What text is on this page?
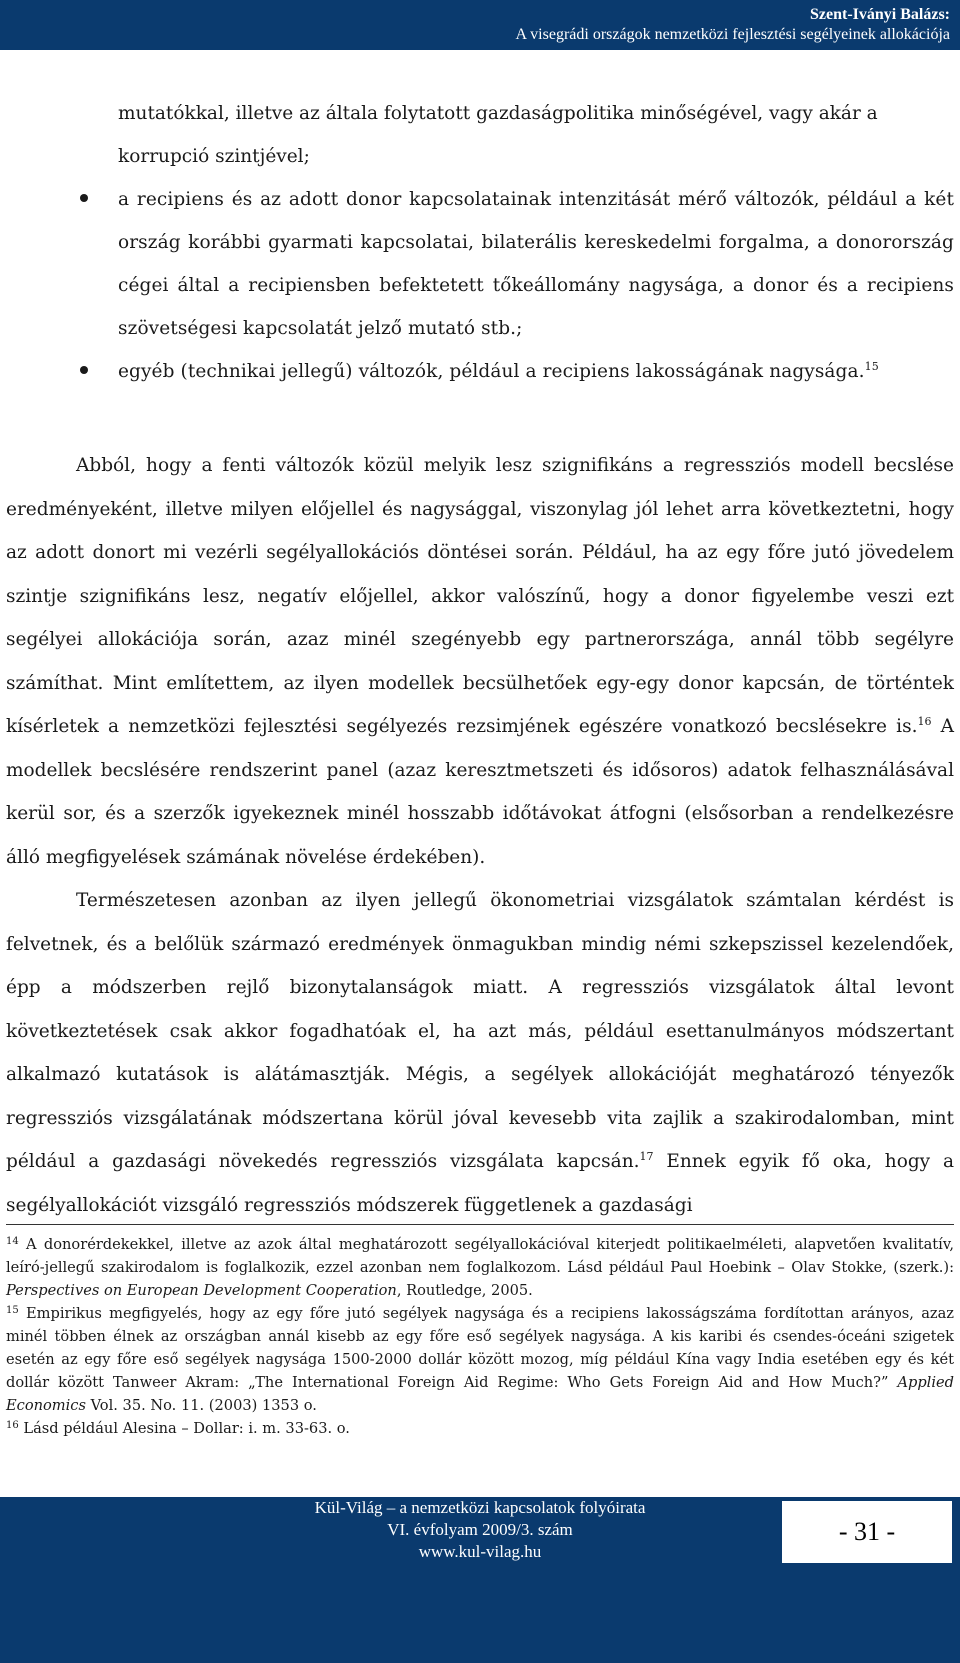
Szent-Iványi Balázs:
A visegrádi országok nemzetközi fejlesztési segélyeinek allokációja
mutatókkal, illetve az általa folytatott gazdaságpolitika minőségével, vagy akár a korrupció szintjével;
a recipiens és az adott donor kapcsolatainak intenzitását mérő változók, például a két ország korábbi gyarmati kapcsolatai, bilaterális kereskedelmi forgalma, a donorország cégei által a recipiensben befektetett tőkeállomány nagysága, a donor és a recipiens szövetségesi kapcsolatát jelző mutató stb.;
egyéb (technikai jellegű) változók, például a recipiens lakosságának nagysága.$^{15}$

Abból, hogy a fenti változók közül melyik lesz szignifikáns a regressziós modell becslése eredményeként, illetve milyen előjellel és nagysággal, viszonylag jól lehet arra következtetni, hogy az adott donort mi vezérli segélyallokációs döntései során. Például, ha az egy főre jutó jövedelem szintje szignifikáns lesz, negatív előjellel, akkor valószínű, hogy a donor figyelembe veszi ezt segélyei allokációja során, azaz minél szegényebb egy partnerországa, annál több segélyre számíthat. Mint említettem, az ilyen modellek becsülhetőek egy-egy donor kapcsán, de történtek kísérletek a nemzetközi fejlesztési segélyezés rezsimjének egészére vonatkozó becslésekre is.$^{16}$ A modellek becslésére rendszerint panel (azaz keresztmetszeti és idősoros) adatok felhasználásával kerül sor, és a szerzők igyekeznek minél hosszabb időtávokat átfogni (elsősorban a rendelkezésre álló megfigyelések számának növelése érdekében).

Természetesen azonban az ilyen jellegű ökonometriai vizsgálatok számtalan kérdést is felvetnek, és a belőlük származó eredmények önmagukban mindig némi szkepszissel kezelendőek, épp a módszerben rejlő bizonytalanságok miatt. A regressziós vizsgálatok által levont következtetések csak akkor fogadhatóak el, ha azt más, például esettanulmányos módszertant alkalmazó kutatások is alátámasztják. Mégis, a segélyek allokációját meghatározó tényezők regressziós vizsgálatának módszertana körül jóval kevesebb vita zajlik a szakirodalomban, mint például a gazdasági növekedés regressziós vizsgálata kapcsán.$^{17}$ Ennek egyik fő oka, hogy a segélyallokációt vizsgáló regressziós módszerek függetlenek a gazdasági

$^{14}$ A donorérdekekkel, illetve az azok által meghatározott segélyallokációval kiterjedt politikaelméleti, alapvetően kvalitatív, leíró-jellegű szakirodalom is foglalkozik, ezzel azonban nem foglalkozom. Lásd például Paul Hoebink – Olav Stokke, (szerk.): Perspectives on European Development Cooperation, Routledge, 2005.

$^{15}$ Empirikus megfigyelés, hogy az egy főre jutó segélyek nagysága és a recipiens lakosságszáma fordítottan arányos, azaz minél többen élnek az országban annál kisebb az egy főre eső segélyek nagysága. A kis karibi és csendes-óceáni szigetek esetén az egy főre eső segélyek nagysága 1500-2000 dollár között mozog, míg például Kína vagy India esetében egy és két dollár között Tanweer Akram: „The International Foreign Aid Regime: Who Gets Foreign Aid and How Much?” Applied Economics Vol. 35. No. 11. (2003) 1353 o.

$^{16}$ Lásd például Alesina – Dollar: i. m. 33-63. o.

Kül-Világ – a nemzetközi kapcsolatok folyóirata
VI. évfolyam 2009/3. szám
www.kul-vilag.hu
- 31 -
